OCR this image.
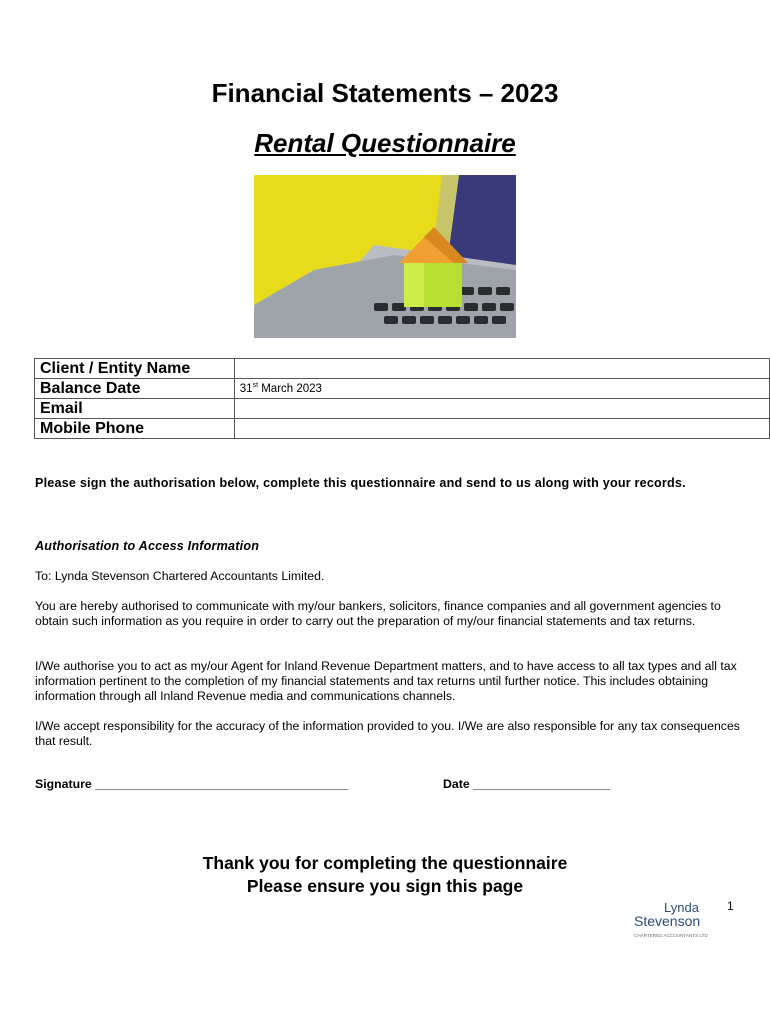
Financial Statements – 2023
Rental Questionnaire
Client / Entity Name	
Balance Date	31st March 2023
Email	
Mobile Phone	
Please sign the authorisation below, complete this questionnaire and send to us along with your records.
Authorisation to Access Information
To: Lynda Stevenson Chartered Accountants Limited.
You are hereby authorised to communicate with my/our bankers, solicitors, finance companies and all government agencies to obtain such information as you require in order to carry out the preparation of my/our financial statements and tax returns.
I/We authorise you to act as my/our Agent for Inland Revenue Department matters, and to have access to all tax types and all tax information pertinent to the completion of my financial statements and tax returns until further notice. This includes obtaining information through all Inland Revenue media and communications channels.
I/We accept responsibility for the accuracy of the information provided to you. I/We are also responsible for any tax consequences that result.
Signature _____________________________________	Date ____________________
Thank you for completing the questionnaire
Please ensure you sign this page
Lynda
Stevenson
CHARTERED ACCOUNTANTS LTD
1
